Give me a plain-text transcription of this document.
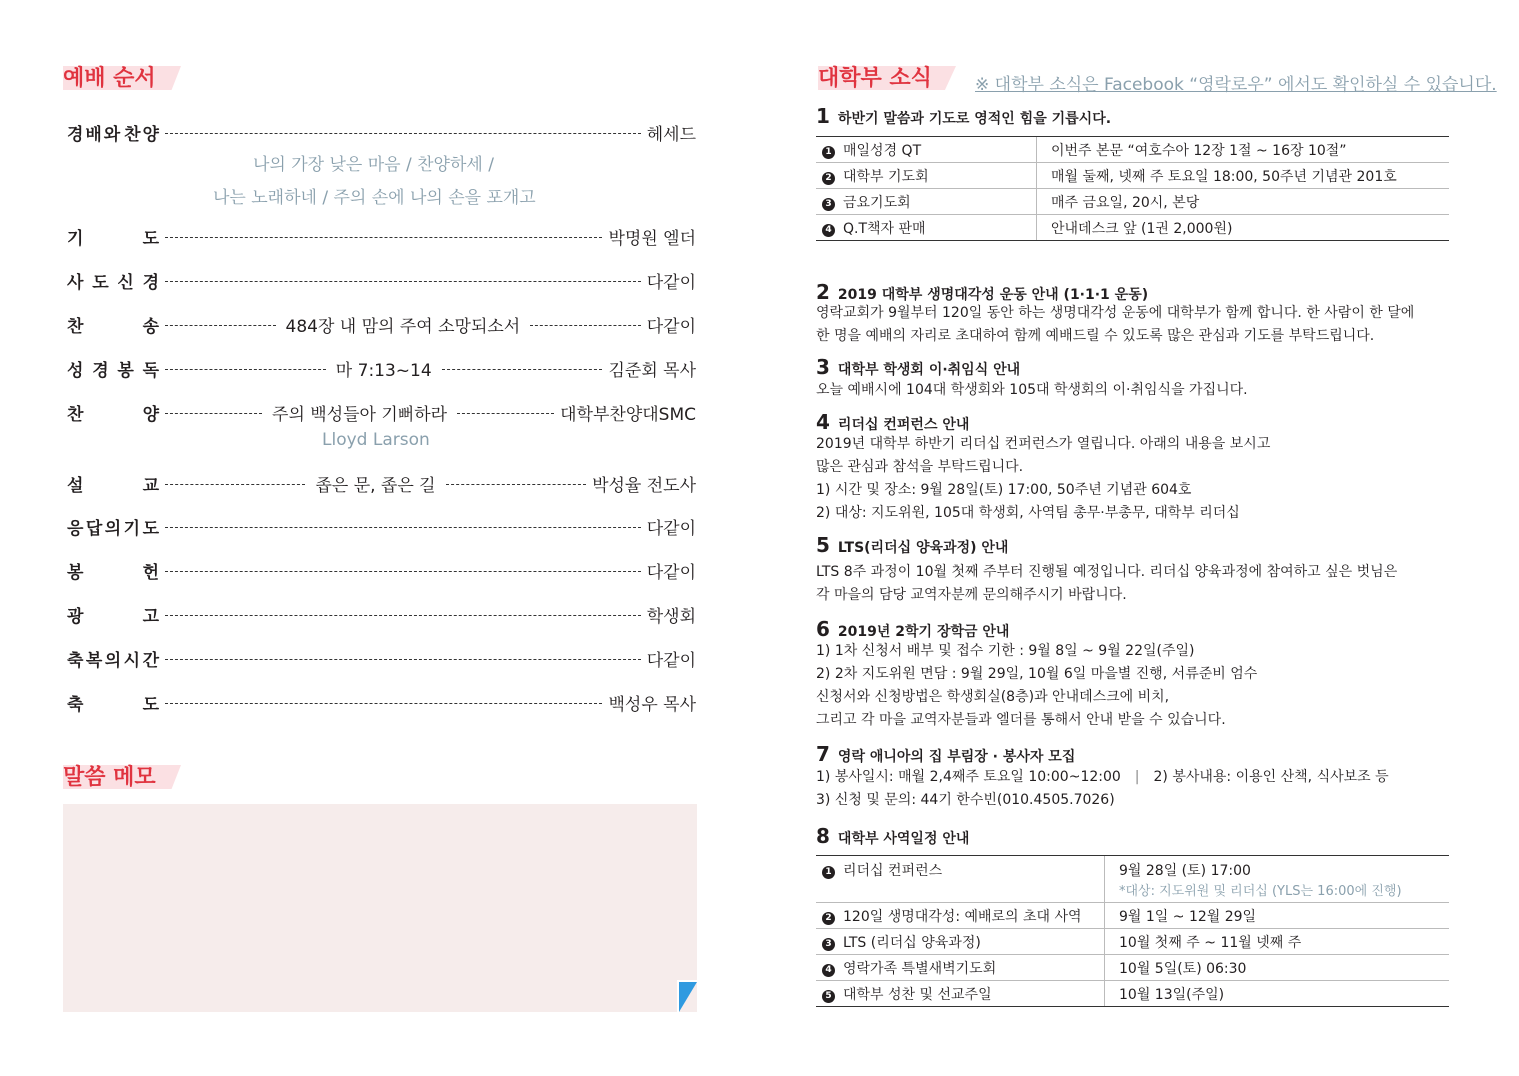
예배 순서
경 배 와 찬 양	헤세드
기	도	박명원 엘더
사 도 신 경	다같이
찬	송	484장 내 맘의 주여 소망되소서	다같이
성 경 봉 독	마 7:13~14	김준회 목사
찬	양	주의 백성들아 기뻐하라	대학부찬양대SMC
설	교	좁은 문, 좁은 길	박성율 전도사
응 답 의 기 도	다같이
봉	헌	다같이
광	고	학생회
축 복 의 시 간	다같이
축	도	백성우 목사
나의 가장 낮은 마음 / 찬양하세 /
나는 노래하네 / 주의 손에 나의 손을 포개고
Lloyd Larson
말씀 메모
대학부 소식	※ 대학부 소식은 Facebook “영락로우” 에서도 확인하실 수 있습니다.
1 하반기 말씀과 기도로 영적인 힘을 기릅시다.
1 매일성경 QT	이번주 본문 “여호수아 12장 1절 ~ 16장 10절”

2 대학부 기도회	매월 둘째, 넷째 주 토요일 18:00, 50주년 기념관 201호

3 금요기도회	매주 금요일, 20시, 본당

4 Q.T책자 판매	안내데스크 앞 (1권 2,000원)
2 2019 대학부 생명대각성 운동 안내 (1·1·1 운동)
영락교회가 9월부터 120일 동안 하는 생명대각성 운동에 대학부가 함께 합니다. 한 사람이 한 달에
한 명을 예배의 자리로 초대하여 함께 예배드릴 수 있도록 많은 관심과 기도를 부탁드립니다.
3 대학부 학생회 이·취임식 안내
오늘 예배시에 104대 학생회와 105대 학생회의 이·취임식을 가집니다.
4 리더십 컨퍼런스 안내
2019년 대학부 하반기 리더십 컨퍼런스가 열립니다. 아래의 내용을 보시고
많은 관심과 참석을 부탁드립니다.
1) 시간 및 장소: 9월 28일(토) 17:00, 50주년 기념관 604호
2) 대상: 지도위원, 105대 학생회, 사역팀 총무·부총무, 대학부 리더십
5 LTS(리더십 양육과정) 안내
LTS 8주 과정이 10월 첫째 주부터 진행될 예정입니다. 리더십 양육과정에 참여하고 싶은 벗님은
각 마을의 담당 교역자분께 문의해주시기 바랍니다.
6 2019년 2학기 장학금 안내
1) 1차 신청서 배부 및 접수 기한 : 9월 8일 ~ 9월 22일(주일)
2) 2차 지도위원 면담 : 9월 29일, 10월 6일 마을별 진행, 서류준비 엄수
신청서와 신청방법은 학생회실(8층)과 안내데스크에 비치,
그리고 각 마을 교역자분들과 엘더를 통해서 안내 받을 수 있습니다.
7 영락 애니아의 집 부림장 · 봉사자 모집
1) 봉사일시: 매월 2,4째주 토요일 10:00~12:00 | 2) 봉사내용: 이용인 산책, 식사보조 등
3) 신청 및 문의: 44기 한수빈(010.4505.7026)
8 대학부 사역일정 안내
1 리더십 컨퍼런스	9월 28일 (토) 17:00
*대상: 지도위원 및 리더십 (YLS는 16:00에 진행)

2 120일 생명대각성: 예배로의 초대 사역	9월 1일 ~ 12월 29일

3 LTS (리더십 양육과정)	10월 첫째 주 ~ 11월 넷째 주

4 영락가족 특별새벽기도회	10월 5일(토) 06:30

5 대학부 성찬 및 선교주일	10월 13일(주일)
